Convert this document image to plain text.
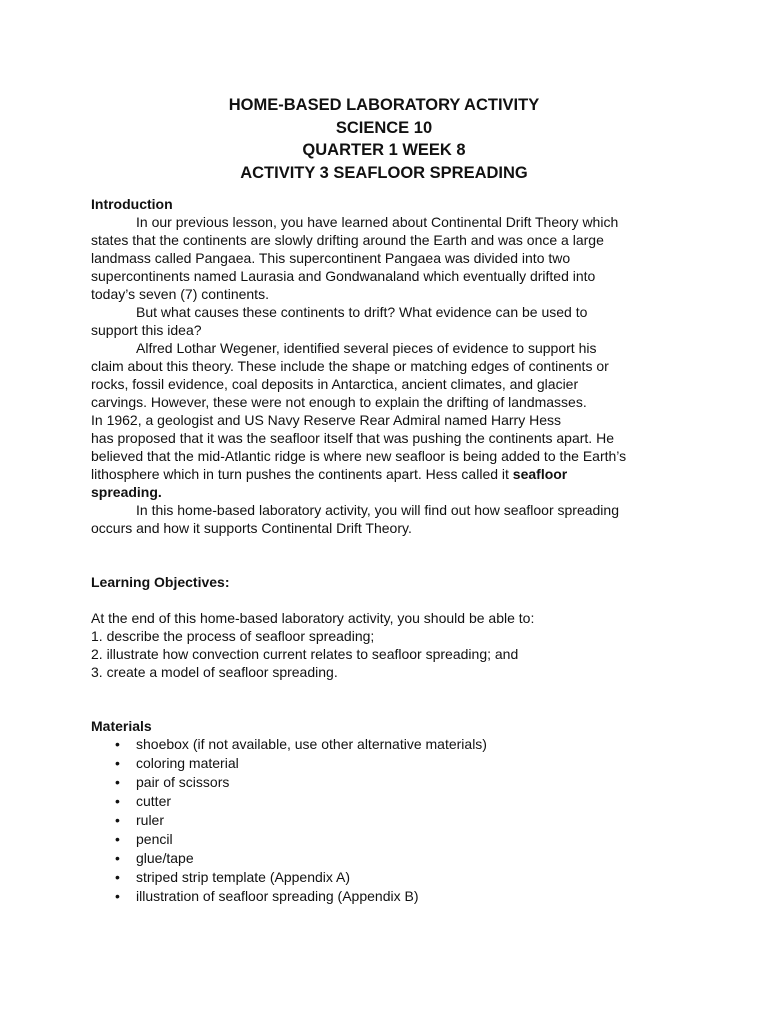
HOME-BASED LABORATORY ACTIVITY
SCIENCE 10
QUARTER 1 WEEK 8
ACTIVITY 3 SEAFLOOR SPREADING
Introduction
In our previous lesson, you have learned about Continental Drift Theory which
states that the continents are slowly drifting around the Earth and was once a large
landmass called Pangaea. This supercontinent Pangaea was divided into two
supercontinents named Laurasia and Gondwanaland which eventually drifted into
today’s seven (7) continents.
But what causes these continents to drift? What evidence can be used to
support this idea?
Alfred Lothar Wegener, identified several pieces of evidence to support his
claim about this theory. These include the shape or matching edges of continents or
rocks, fossil evidence, coal deposits in Antarctica, ancient climates, and glacier
carvings. However, these were not enough to explain the drifting of landmasses.
In 1962, a geologist and US Navy Reserve Rear Admiral named Harry Hess
has proposed that it was the seafloor itself that was pushing the continents apart. He
believed that the mid-Atlantic ridge is where new seafloor is being added to the Earth’s
lithosphere which in turn pushes the continents apart. Hess called it seafloor
spreading.
In this home-based laboratory activity, you will find out how seafloor spreading
occurs and how it supports Continental Drift Theory.
Learning Objectives:
At the end of this home-based laboratory activity, you should be able to:
1. describe the process of seafloor spreading;
2. illustrate how convection current relates to seafloor spreading; and
3. create a model of seafloor spreading.
Materials
• shoebox (if not available, use other alternative materials)
• coloring material
• pair of scissors
• cutter
• ruler
• pencil
• glue/tape
• striped strip template (Appendix A)
• illustration of seafloor spreading (Appendix B)
